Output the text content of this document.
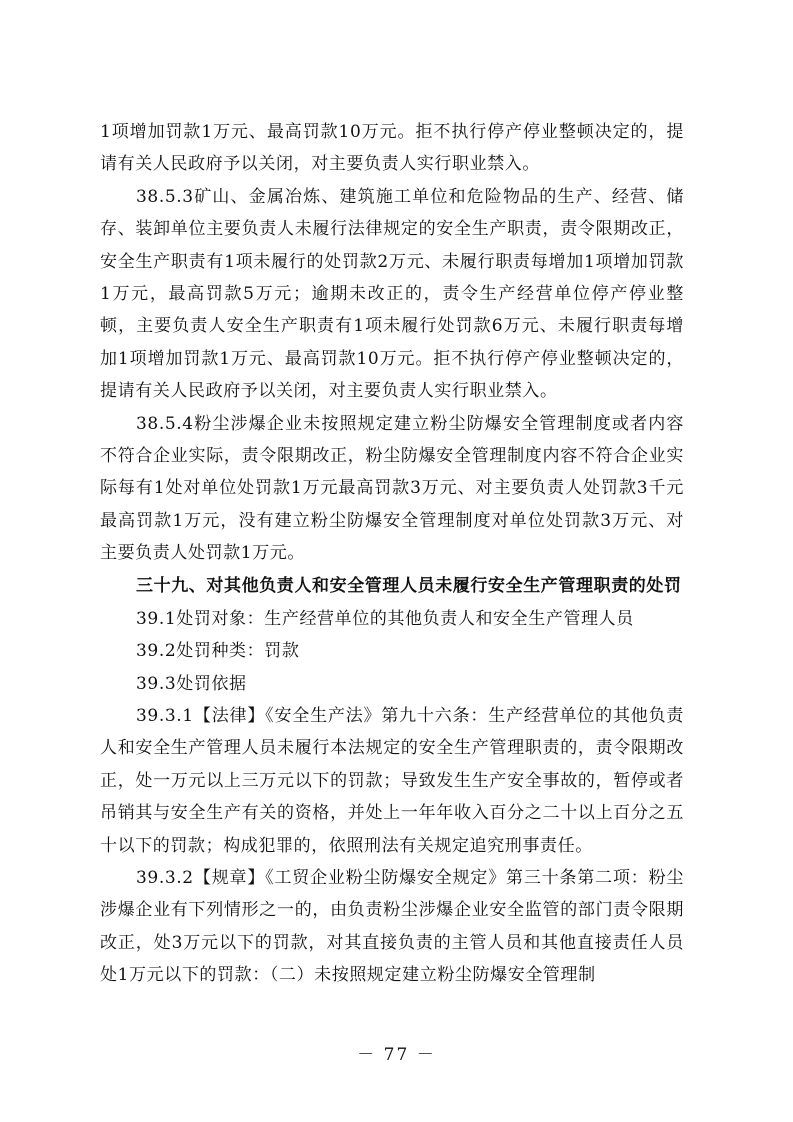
1项增加罚款1万元、最高罚款10万元。拒不执行停产停业整顿决定的，提请有关人民政府予以关闭，对主要负责人实行职业禁入。

38.5.3矿山、金属冶炼、建筑施工单位和危险物品的生产、经营、储存、装卸单位主要负责人未履行法律规定的安全生产职责，责令限期改正，安全生产职责有1项未履行的处罚款2万元、未履行职责每增加1项增加罚款1万元，最高罚款5万元；逾期未改正的，责令生产经营单位停产停业整顿，主要负责人安全生产职责有1项未履行处罚款6万元、未履行职责每增加1项增加罚款1万元、最高罚款10万元。拒不执行停产停业整顿决定的，提请有关人民政府予以关闭，对主要负责人实行职业禁入。

38.5.4粉尘涉爆企业未按照规定建立粉尘防爆安全管理制度或者内容不符合企业实际，责令限期改正，粉尘防爆安全管理制度内容不符合企业实际每有1处对单位处罚款1万元最高罚款3万元、对主要负责人处罚款3千元最高罚款1万元，没有建立粉尘防爆安全管理制度对单位处罚款3万元、对主要负责人处罚款1万元。

三十九、对其他负责人和安全管理人员未履行安全生产管理职责的处罚

39.1处罚对象：生产经营单位的其他负责人和安全生产管理人员

39.2处罚种类：罚款

39.3处罚依据

39.3.1【法律】《安全生产法》第九十六条：生产经营单位的其他负责人和安全生产管理人员未履行本法规定的安全生产管理职责的，责令限期改正，处一万元以上三万元以下的罚款；导致发生生产安全事故的，暂停或者吊销其与安全生产有关的资格，并处上一年年收入百分之二十以上百分之五十以下的罚款；构成犯罪的，依照刑法有关规定追究刑事责任。

39.3.2【规章】《工贸企业粉尘防爆安全规定》第三十条第二项：粉尘涉爆企业有下列情形之一的，由负责粉尘涉爆企业安全监管的部门责令限期改正，处3万元以下的罚款，对其直接负责的主管人员和其他直接责任人员处1万元以下的罚款：（二）未按照规定建立粉尘防爆安全管理制

－ 77 －
